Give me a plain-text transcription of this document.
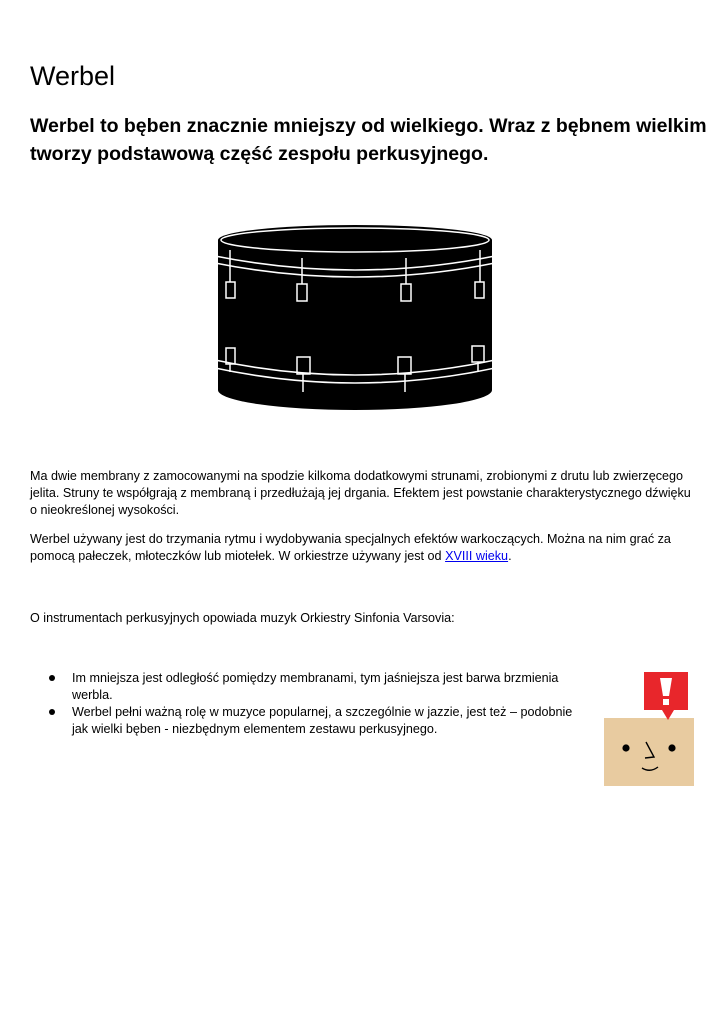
Werbel
Werbel to bęben znacznie mniejszy od wielkiego. Wraz z bębnem wielkim tworzy podstawową część zespołu perkusyjnego.

Ma dwie membrany z zamocowanymi na spodzie kilkoma dodatkowymi strunami, zrobionymi z drutu lub zwierzęcego jelita. Struny te współgrają z membraną i przedłużają jej drgania. Efektem jest powstanie charakterystycznego dźwięku o nieokreślonej wysokości.

Werbel używany jest do trzymania rytmu i wydobywania specjalnych efektów warkoczących. Można na nim grać za pomocą pałeczek, młoteczków lub miotełek. W orkiestrze używany jest od XVIII wieku.

O instrumentach perkusyjnych opowiada muzyk Orkiestry Sinfonia Varsovia:

Im mniejsza jest odległość pomiędzy membranami, tym jaśniejsza jest barwa brzmienia werbla.
Werbel pełni ważną rolę w muzyce popularnej, a szczególnie w jazzie, jest też – podobnie jak wielki bęben - niezbędnym elementem zestawu perkusyjnego.
